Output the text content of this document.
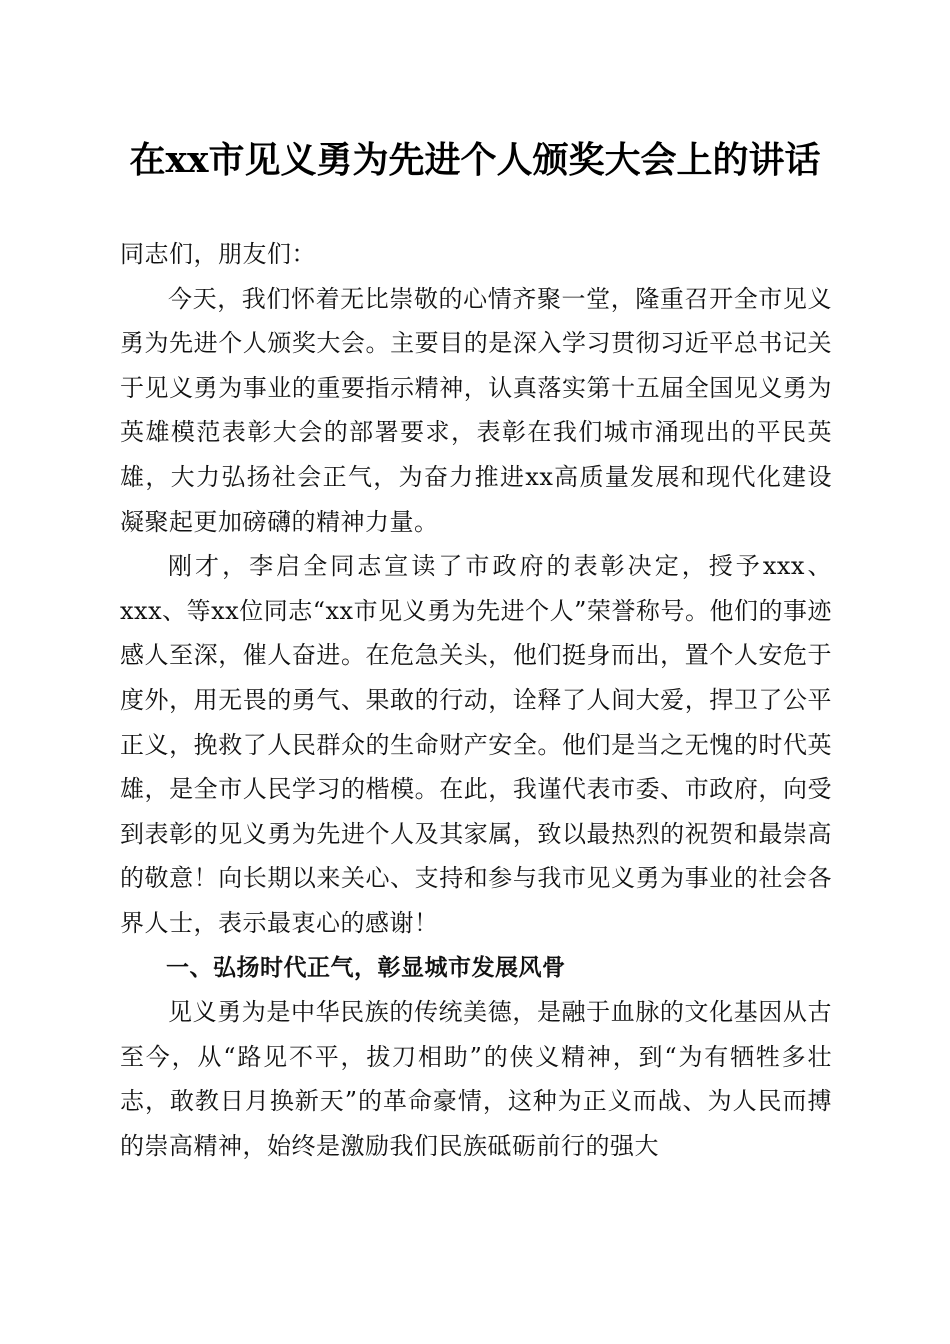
在xx市见义勇为先进个人颁奖大会上的讲话

同志们，朋友们：

今天，我们怀着无比崇敬的心情齐聚一堂，隆重召开全市见义勇为先进个人颁奖大会。主要目的是深入学习贯彻习近平总书记关于见义勇为事业的重要指示精神，认真落实第十五届全国见义勇为英雄模范表彰大会的部署要求，表彰在我们城市涌现出的平民英雄，大力弘扬社会正气，为奋力推进xx高质量发展和现代化建设凝聚起更加磅礴的精神力量。

刚才，李启全同志宣读了市政府的表彰决定，授予xxx、xxx、等xx位同志“xx市见义勇为先进个人”荣誉称号。他们的事迹感人至深，催人奋进。在危急关头，他们挺身而出，置个人安危于度外，用无畏的勇气、果敢的行动，诠释了人间大爱，捍卫了公平正义，挽救了人民群众的生命财产安全。他们是当之无愧的时代英雄，是全市人民学习的楷模。在此，我谨代表市委、市政府，向受到表彰的见义勇为先进个人及其家属，致以最热烈的祝贺和最崇高的敬意！向长期以来关心、支持和参与我市见义勇为事业的社会各界人士，表示最衷心的感谢！

一、弘扬时代正气，彰显城市发展风骨

见义勇为是中华民族的传统美德，是融于血脉的文化基因从古至今，从“路见不平，拔刀相助”的侠义精神，到“为有牺牲多壮志，敢教日月换新天”的革命豪情，这种为正义而战、为人民而搏的崇高精神，始终是激励我们民族砥砺前行的强大
